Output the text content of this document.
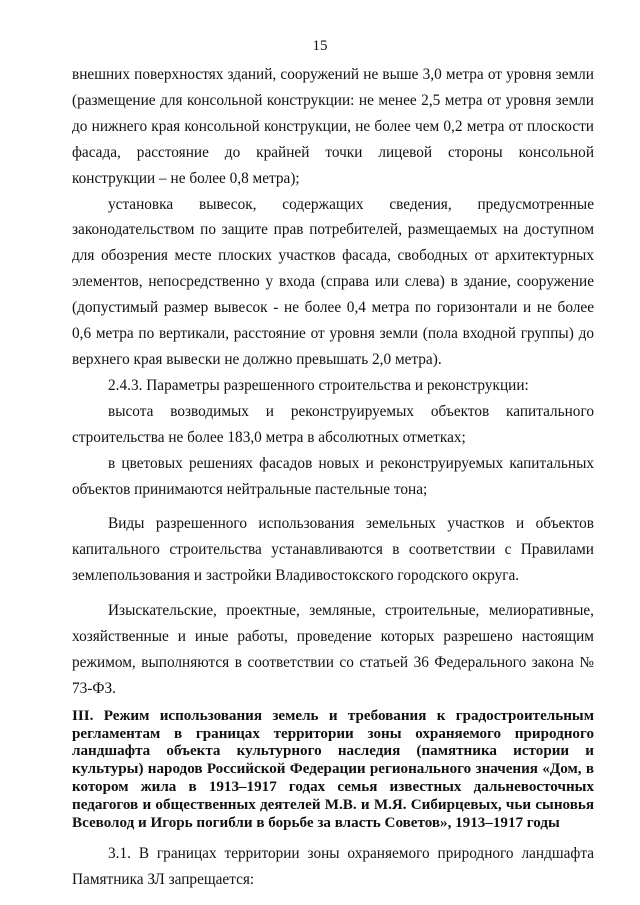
15

внешних поверхностях зданий, сооружений не выше 3,0 метра от уровня земли (размещение для консольной конструкции: не менее 2,5 метра от уровня земли до нижнего края консольной конструкции, не более чем 0,2 метра от плоскости фасада, расстояние до крайней точки лицевой стороны консольной конструкции – не более 0,8 метра);

установка вывесок, содержащих сведения, предусмотренные законодательством по защите прав потребителей, размещаемых на доступном для обозрения месте плоских участков фасада, свободных от архитектурных элементов, непосредственно у входа (справа или слева) в здание, сооружение (допустимый размер вывесок - не более 0,4 метра по горизонтали и не более 0,6 метра по вертикали, расстояние от уровня земли (пола входной группы) до верхнего края вывески не должно превышать 2,0 метра).

2.4.3. Параметры разрешенного строительства и реконструкции:

высота возводимых и реконструируемых объектов капитального строительства не более 183,0 метра в абсолютных отметках;

в цветовых решениях фасадов новых и реконструируемых капитальных объектов принимаются нейтральные пастельные тона;

Виды разрешенного использования земельных участков и объектов капитального строительства устанавливаются в соответствии с Правилами землепользования и застройки Владивостокского городского округа.

Изыскательские, проектные, земляные, строительные, мелиоративные, хозяйственные и иные работы, проведение которых разрешено настоящим режимом, выполняются в соответствии со статьей 36 Федерального закона № 73-ФЗ.

III. Режим использования земель и требования к градостроительным регламентам в границах территории зоны охраняемого природного ландшафта объекта культурного наследия (памятника истории и культуры) народов Российской Федерации регионального значения «Дом, в котором жила в 1913–1917 годах семья известных дальневосточных педагогов и общественных деятелей М.В. и М.Я. Сибирцевых, чьи сыновья Всеволод и Игорь погибли в борьбе за власть Советов», 1913–1917 годы

3.1. В границах территории зоны охраняемого природного ландшафта Памятника ЗЛ запрещается:
